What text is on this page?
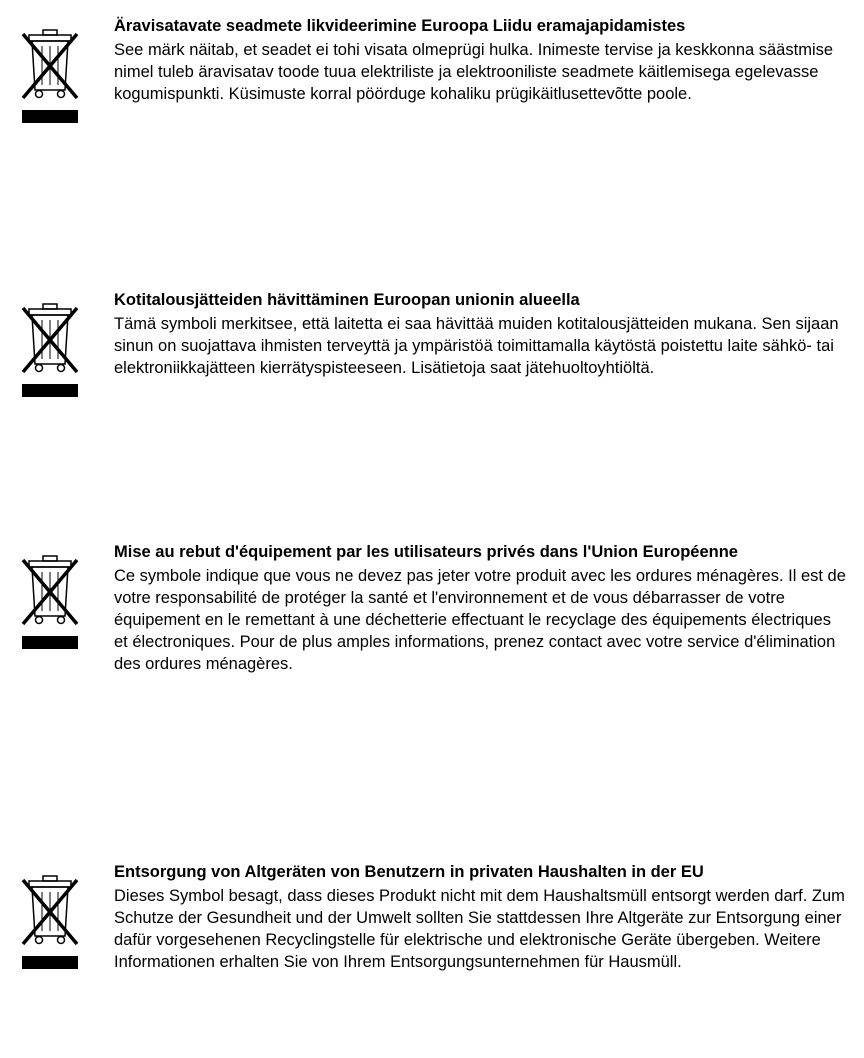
Äravisatavate seadmete likvideerimine Euroopa Liidu eramajapidamistes

See märk näitab, et seadet ei tohi visata olmeprügi hulka. Inimeste tervise ja keskkonna säästmise nimel tuleb äravisatav toode tuua elektriliste ja elektrooniliste seadmete käitlemisega egelevasse kogumispunkti. Küsimuste korral pöörduge kohaliku prügikäitlusettevõtte poole.

Kotitalousjätteiden hävittäminen Euroopan unionin alueella

Tämä symboli merkitsee, että laitetta ei saa hävittää muiden kotitalousjätteiden mukana. Sen sijaan sinun on suojattava ihmisten terveyttä ja ympäristöä toimittamalla käytöstä poistettu laite sähkö- tai elektroniikkajätteen kierrätyspisteeseen. Lisätietoja saat jätehuoltoyhtiöltä.

Mise au rebut d'équipement par les utilisateurs privés dans l'Union Européenne

Ce symbole indique que vous ne devez pas jeter votre produit avec les ordures ménagères. Il est de votre responsabilité de protéger la santé et l'environnement et de vous débarrasser de votre équipement en le remettant à une déchetterie effectuant le recyclage des équipements électriques et électroniques. Pour de plus amples informations, prenez contact avec votre service d'élimination des ordures ménagères.

Entsorgung von Altgeräten von Benutzern in privaten Haushalten in der EU

Dieses Symbol besagt, dass dieses Produkt nicht mit dem Haushaltsmüll entsorgt werden darf. Zum Schutze der Gesundheit und der Umwelt sollten Sie stattdessen Ihre Altgeräte zur Entsorgung einer dafür vorgesehenen Recyclingstelle für elektrische und elektronische Geräte übergeben. Weitere Informationen erhalten Sie von Ihrem Entsorgungsunternehmen für Hausmüll.
